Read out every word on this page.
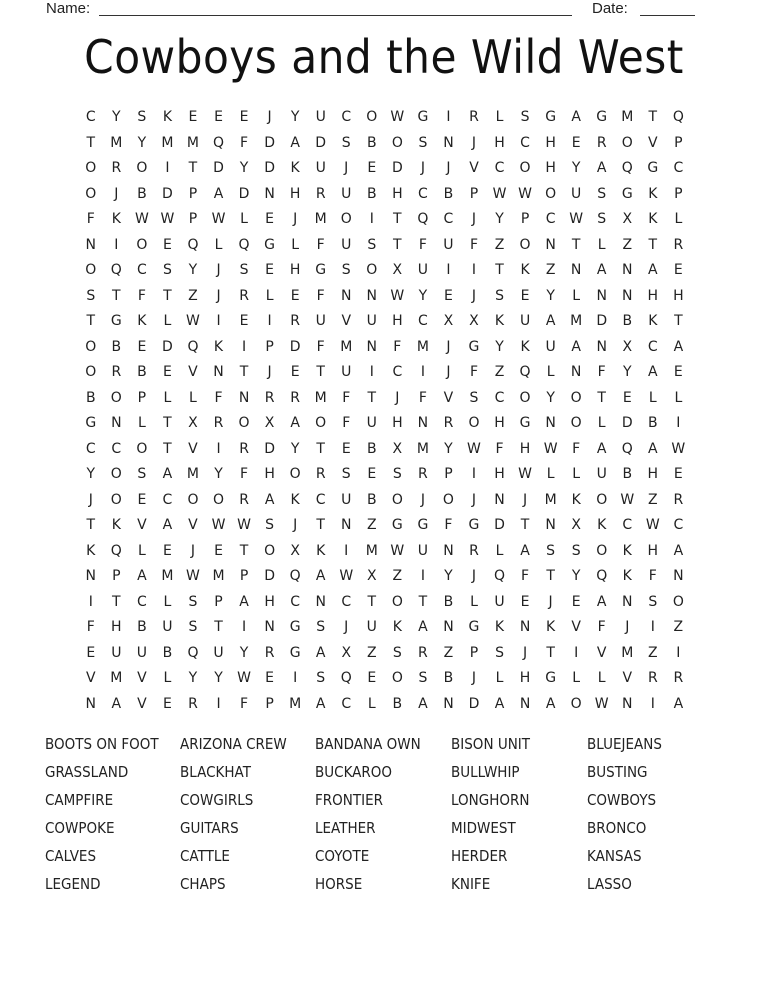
Name:	Date:
Cowboys and the Wild West
C	Y	S	K	E	E	E	J	Y	U	C	O W G	I	R	L	S	G	A	G	M	T	Q
T	M	Y	M M Q	F	D	A	D	S	B	O	S	N	J	H	C	H	E	R	O	V	P
O	R	O	I	T	D	Y	D	K	U	J	E	D	J	J	V	C	O	H	Y	A	Q	G	C
O	J	B	D	P	A	D	N	H	R	U	B	H	C	B	P	W W O	U	S	G	K	P
F	K	W W	P	W	L	E	J	M O	I	T	Q	C	J	Y	P	C W	S	X	K	L
N	I	O	E	Q	L	Q	G	L	F	U	S	T	F	U	F	Z	O	N	T	L	Z	T	R
O	Q	C	S	Y	J	S	E	H	G	S	O	X	U	I	I	T	K	Z	N	A	N	A	E
S	T	F	T	Z	J	R	L	E	F	N	N W	Y	E	J	S	E	Y	L	N	N	H	H
T	G	K	L	W	I	E	I	R	U	V	U	H	C	X	X	K	U	A	M	D	B	K	T
O	B	E	D	Q	K	I	P	D	F	M	N	F	M	J	G	Y	K	U	A	N	X	C	A
O	R	B	E	V	N	T	J	E	T	U	I	C	I	J	F	Z	Q	L	N	F	Y	A	E
B	O	P	L	L	F	N	R	R	M	F	T	J	F	V	S	C	O	Y	O	T	E	L	L
G	N	L	T	X	R	O	X	A	O	F	U	H	N	R	O	H	G	N	O	L	D	B	I
C	C	O	T	V	I	R	D	Y	T	E	B	X	M	Y	W	F	H W	F	A	Q	A W
Y	O	S	A	M	Y	F	H	O	R	S	E	S	R	P	I	H W	L	L	U	B	H	E
J	O	E	C	O	O	R	A	K	C	U	B	O	J	O	J	N	J	M	K	O W Z	R
T	K	V	A	V W W	S	J	T	N	Z	G	G	F	G	D	T	N	X	K	C W C
K	Q	L	E	J	E	T	O	X	K	I	M W U	N	R	L	A	S	S	O	K	H	A
N	P	A	M W M	P	D	Q	A W X	Z	I	Y	J	Q	F	T	Y	Q	K	F	N
I	T	C	L	S	P	A	H	C	N	C	T	O	T	B	L	U	E	J	E	A	N	S	O
F	H	B	U	S	T	I	N	G	S	J	U	K	A	N	G	K	N	K	V	F	J	I	Z
E	U	U	B	Q	U	Y	R	G	A	X	Z	S	R	Z	P	S	J	T	I	V	M	Z	I
V	M	V	L	Y	Y	W	E	I	S	Q	E	O	S	B	J	L	H	G	L	L	V	R	R
N	A	V	E	R	I	F	P	M	A	C	L	B	A	N	D	A	N	A	O W N	I	A
BOOTS ON FOOT	ARIZONA CREW	BANDANA OWN	BISON UNIT	BLUEJEANS
GRASSLAND	BLACKHAT	BUCKAROO	BULLWHIP	BUSTING
CAMPFIRE	COWGIRLS	FRONTIER	LONGHORN	COWBOYS
COWPOKE	GUITARS	LEATHER	MIDWEST	BRONCO
CALVES	CATTLE	COYOTE	HERDER	KANSAS
LEGEND	CHAPS	HORSE	KNIFE	LASSO
